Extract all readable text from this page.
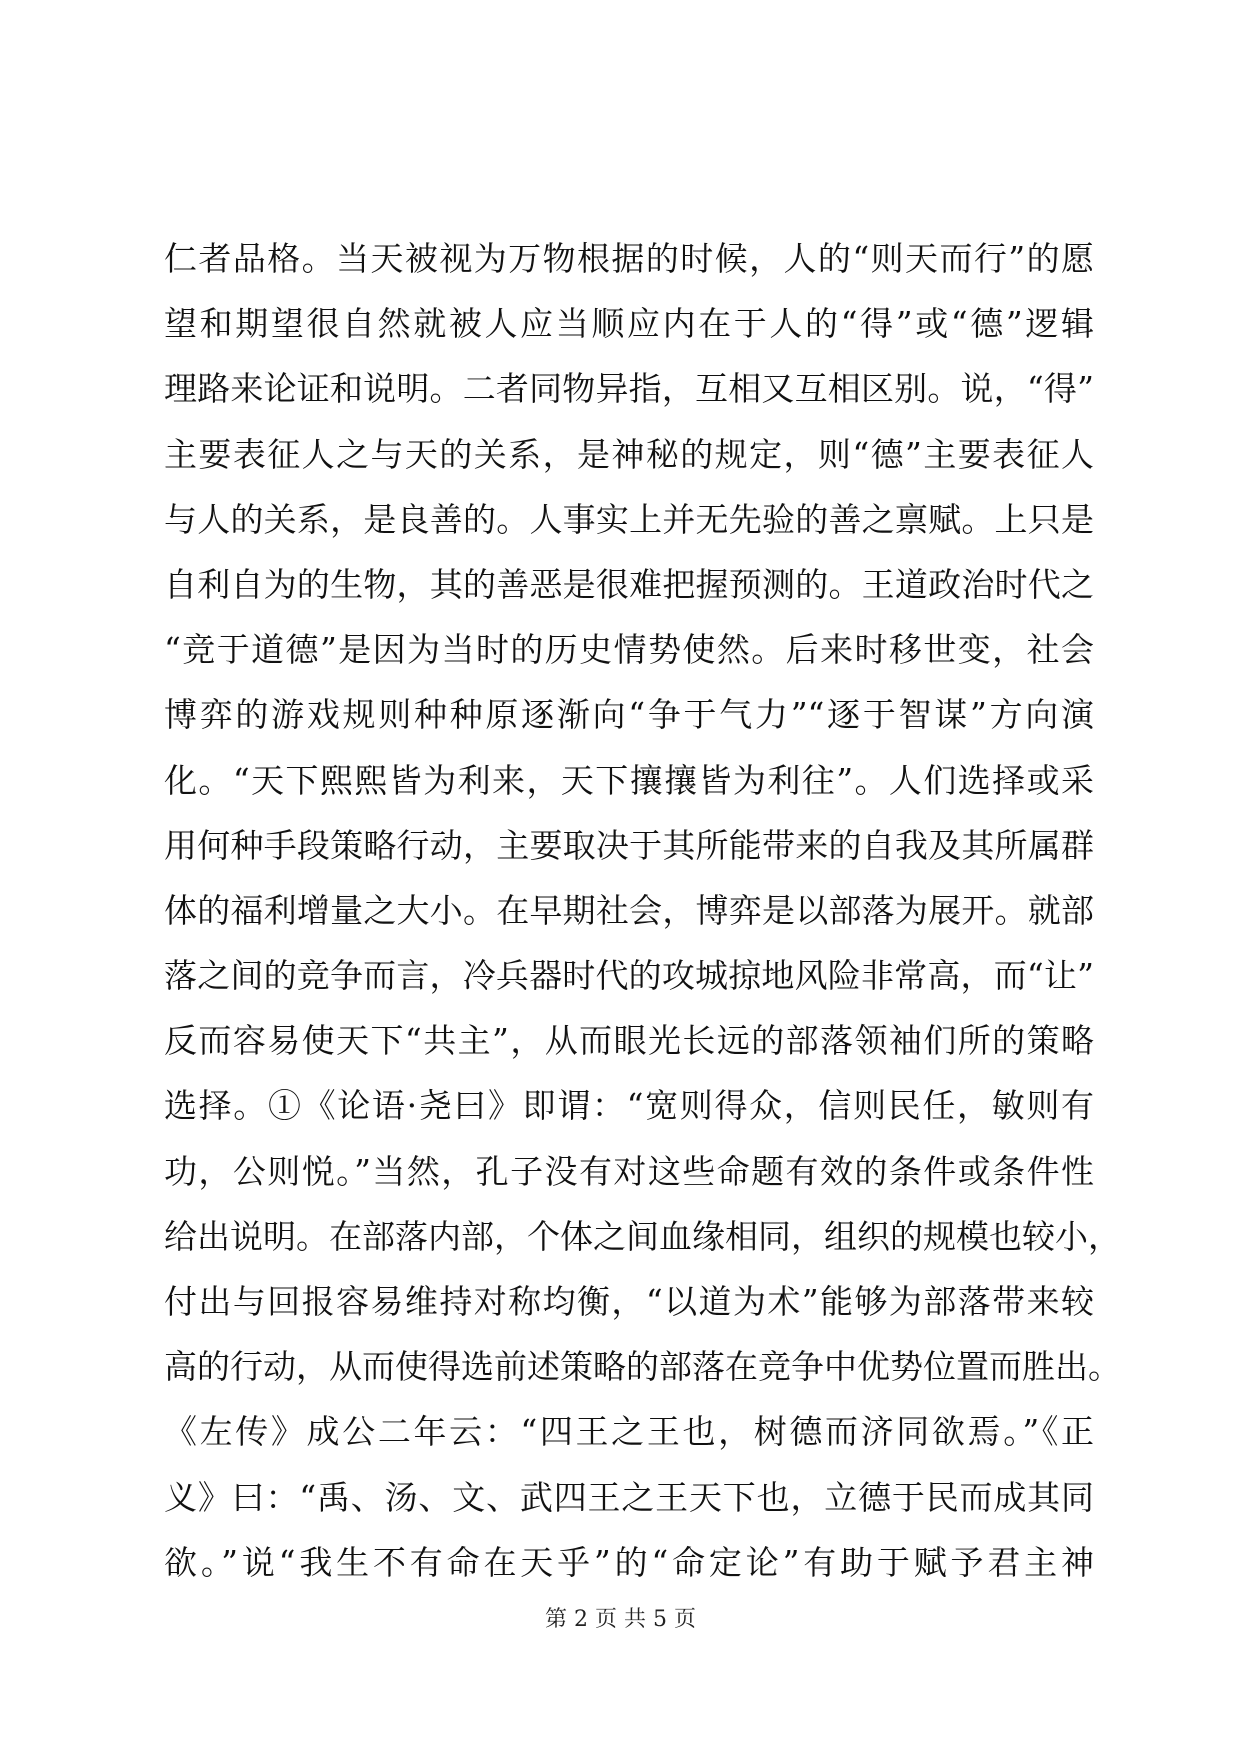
仁者品格。当天被视为万物根据的时候，人的“则天而行”的愿
望和期望很自然就被人应当顺应内在于人的“得”或“德”逻辑
理路来论证和说明。二者同物异指，互相又互相区别。说，“得”
主要表征人之与天的关系，是神秘的规定，则“德”主要表征人
与人的关系，是良善的。人事实上并无先验的善之禀赋。上只是
自利自为的生物，其的善恶是很难把握预测的。王道政治时代之
“竞于道德”是因为当时的历史情势使然。后来时移世变，社会
博弈的游戏规则种种原逐渐向“争于气力”“逐于智谋”方向演
化。“天下熙熙皆为利来，天下攘攘皆为利往”。人们选择或采
用何种手段策略行动，主要取决于其所能带来的自我及其所属群
体的福利增量之大小。在早期社会，博弈是以部落为展开。就部
落之间的竞争而言，冷兵器时代的攻城掠地风险非常高，而“让”
反而容易使天下“共主”，从而眼光长远的部落领袖们所的策略
选择。①《论语·尧曰》即谓：“宽则得众，信则民任，敏则有
功，公则悦。”当然，孔子没有对这些命题有效的条件或条件性
给出说明。在部落内部，个体之间血缘相同，组织的规模也较小，
付出与回报容易维持对称均衡，“以道为术”能够为部落带来较
高的行动，从而使得选前述策略的部落在竞争中优势位置而胜出。
《左传》成公二年云：“四王之王也，树德而济同欲焉。”《正
义》曰：“禹、汤、文、武四王之王天下也，立德于民而成其同
欲。”说“我生不有命在天乎”的“命定论”有助于赋予君主神
第 2 页 共 5 页
